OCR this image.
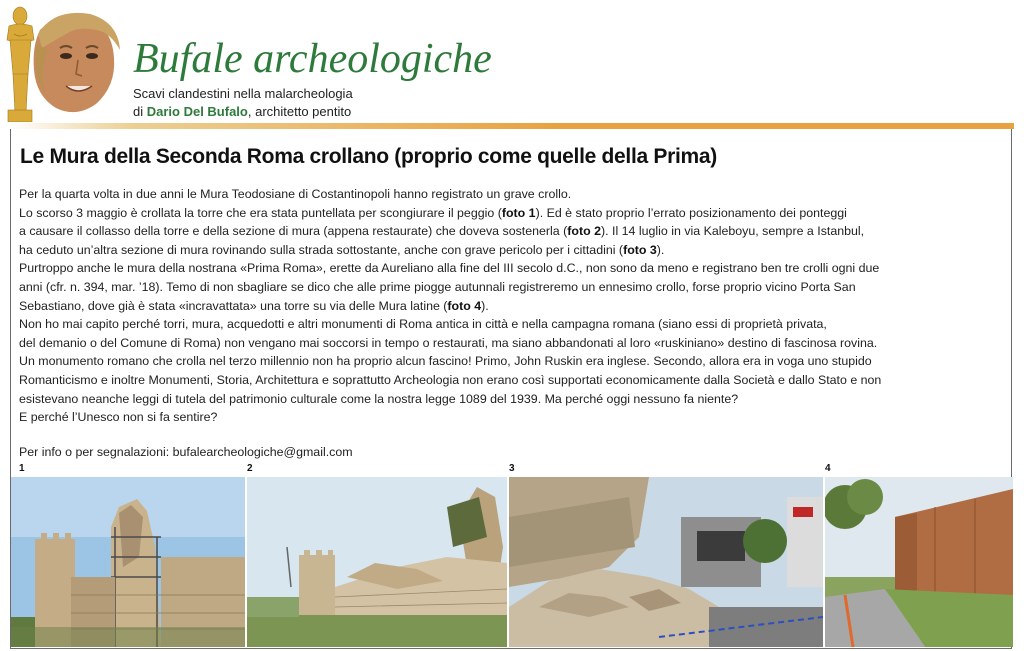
Bufale archeologiche
Scavi clandestini nella malarcheologia
di Dario Del Bufalo, architetto pentito
Le Mura della Seconda Roma crollano (proprio come quelle della Prima)

Per la quarta volta in due anni le Mura Teodosiane di Costantinopoli hanno registrato un grave crollo.

Lo scorso 3 maggio è crollata la torre che era stata puntellata per scongiurare il peggio (foto 1). Ed è stato proprio l’errato posizionamento dei ponteggi

a causare il collasso della torre e della sezione di mura (appena restaurate) che doveva sostenerla (foto 2). Il 14 luglio in via Kaleboyu, sempre a Istanbul,

ha ceduto un’altra sezione di mura rovinando sulla strada sottostante, anche con grave pericolo per i cittadini (foto 3).

Purtroppo anche le mura della nostrana «Prima Roma», erette da Aureliano alla fine del III secolo d.C., non sono da meno e registrano ben tre crolli ogni due

anni (cfr. n. 394, mar. ’18). Temo di non sbagliare se dico che alle prime piogge autunnali registreremo un ennesimo crollo, forse proprio vicino Porta San

Sebastiano, dove già è stata «incravattata» una torre su via delle Mura latine (foto 4).

Non ho mai capito perché torri, mura, acquedotti e altri monumenti di Roma antica in città e nella campagna romana (siano essi di proprietà privata,

del demanio o del Comune di Roma) non vengano mai soccorsi in tempo o restaurati, ma siano abbandonati al loro «ruskiniano» destino di fascinosa rovina.

Un monumento romano che crolla nel terzo millennio non ha proprio alcun fascino! Primo, John Ruskin era inglese. Secondo, allora era in voga uno stupido

Romanticismo e inoltre Monumenti, Storia, Architettura e soprattutto Archeologia non erano così supportati economicamente dalla Società e dallo Stato e non

esistevano neanche leggi di tutela del patrimonio culturale come la nostra legge 1089 del 1939. Ma perché oggi nessuno fa niente?

E perché l’Unesco non si fa sentire?

Per info o per segnalazioni: bufalearcheologiche@gmail.com
1	2	3	4
